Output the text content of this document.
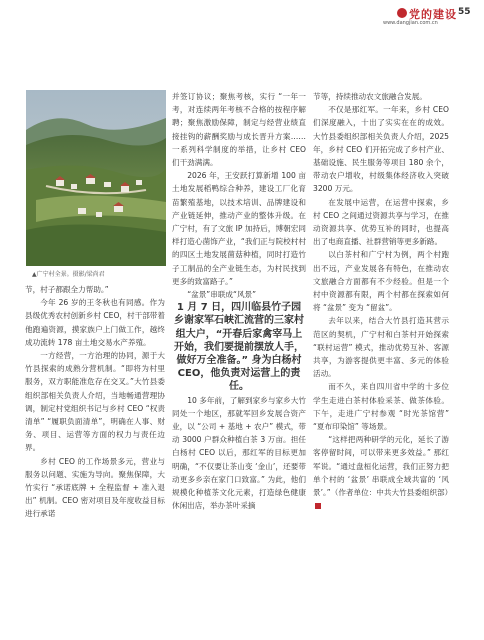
党的建设
www.dangjian.com.cn
55
▲广宁村全景。摄影/梁尚君

节，村子都跟全力帮助。”

今年 26 岁的王冬秋也有同感。作为县级优秀农村创新乡村 CEO，村干部带着他跑遍资源，摸家族户上门做工作，越终成功流转 178 亩土地交易水产养殖。

一方经营，一方治理的协同，源于大竹县探索的成熟分营机制。“即将为村里服务，双方职能准危存在交叉。”大竹县委组织部相关负责人介绍，当地畅通营理协调，制定村党组织书记与乡村 CEO “权责清单” “履职负面清单”，明确在人事、财务、项目、运营等方面的权力与责任边界。

乡村 CEO 的工作场景多元，营业与服务以问题、实施为导向。聚焦保障，大竹实行 “承诺底牌 + 全程监督 + 准入退出” 机制。CEO 密对项目及年度收益目标进行承诺

并签订协议；聚焦考核，实行 “一年一考，对连续两年考核不合格的按程序解聘；聚焦激励保障，制定与经营业绩直接挂钩的薪酬奖励与成长晋升方案……一系列科学制度的举措，让乡村 CEO 们干劲满满。

2026 年，王安跃打算新增 100 亩土地发展稻鸭综合种养，建设工厂化育苗繁殖基地，以技术培训、品牌建设和产业链延伸，推动产业的整体升级。在广宁村，有了文旅 IP 加持后，博朝宏同样打造心菌饰产业，“我们正与院校村村的四区土地发展菌菇种植，同时打造竹子工制品的全产业链生态，为村民找到更多的致富路子。”

“盆景”串联成“风景”

1 月 7 日，四川临县竹子园乡谢家军石峡汇流营的三家村组大户，“开春后家禽宰马上开始，我们要提前摆放人手，做好万全准备。” 身为白杨村 CEO，他负责对运营上的责任。

10 多年前，了解到家乡与家乡大竹同处一个地区，那就军回乡发展合资产业，以 “公司 + 基地 + 农户” 模式，带动 3000 户群众种植白茶 3 万亩。担任白杨村 CEO 以后，那红军的目标更加明确，“不仅要让茶山变 ‘金山’，还要带动更多乡亲在家门口致富。” 为此，他们规模化种植茶文化元素，打造绿色健康休闲出店，举办茶叶采摘

节等，持续推动农文旅融合发展。

不仅是那红军。一年来，乡村 CEO 们深度融入，十出了实实在在的成效。大竹县委组织部相关负责人介绍，2025 年，乡村 CEO 们开拓完成了乡村产业、基础设施、民生服务等项目 180 余个，带动农户增收，村级集体经济收入突破 3200 万元。

在发展中运营，在运营中探索，乡村 CEO 之间通过资源共享与学习，在推动资源共享、优势互补的同时，也提高出了电商直播、社群营销等更多新路。

以白茶村和广宁村为例，两个村跑出不远，产业发展各有特色，在推动农文旅融合方面都有不少经验。但是一个村中资源都有限，两个村都在探索如何将 “盆景” 变为 “留盆”。

去年以来，结合大竹县打造其营示范区的契机，广宁村和白茶村开始探索 “联村运营” 模式，推动优势互补、客源共享，为游客提供更丰富、多元的体验活动。

而不久，来自四川省中学的十多位学生走进白茶村体验采茶、做茶体验。下午，走进广宁村参观 “时光茶馆营” “夏布印染馆” 等场景。

“这样把两种研学的元化，延长了游客停留时间，可以带来更多效益。” 那红军说。“通过盘桓化运营，我们正努力把单个村的 ‘盆景’ 串联成全域共富的 ‘风景’。”（作者单位：中共大竹县委组织部）
